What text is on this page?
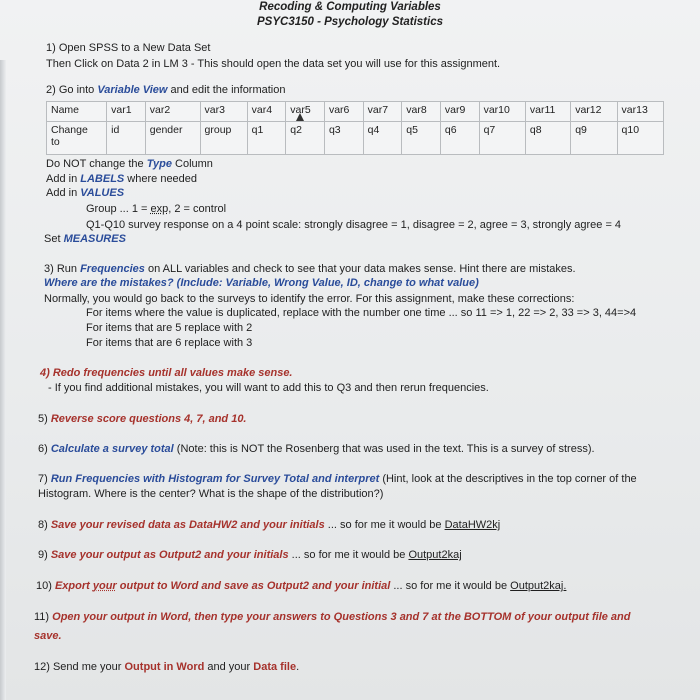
Recoding & Computing Variables
PSYC3150 - Psychology Statistics
1) Open SPSS to a New Data Set
Then Click on Data 2 in LM 3 - This should open the data set you will use for this assignment.
2) Go into Variable View and edit the information
Name	var1	var2	var3	var4	var5	var6	var7	var8	var9	var10	var11	var12	var13
Change
to	id	gender	group	q1	q2	q3	q4	q5	q6	q7	q8	q9	q10
Do NOT change the Type Column
Add in LABELS where needed
Add in VALUES
Group ... 1 = exp, 2 = control
Q1-Q10 survey response on a 4 point scale: strongly disagree = 1, disagree = 2, agree = 3, strongly agree = 4
Set MEASURES
3) Run Frequencies on ALL variables and check to see that your data makes sense. Hint there are mistakes.
Where are the mistakes? (Include: Variable, Wrong Value, ID, change to what value)
Normally, you would go back to the surveys to identify the error. For this assignment, make these corrections:
For items where the value is duplicated, replace with the number one time ... so 11 => 1, 22 => 2, 33 => 3, 44=>4
For items that are 5 replace with 2
For items that are 6 replace with 3
4) Redo frequencies until all values make sense.
- If you find additional mistakes, you will want to add this to Q3 and then rerun frequencies.
5) Reverse score questions 4, 7, and 10.
6) Calculate a survey total (Note: this is NOT the Rosenberg that was used in the text. This is a survey of stress).
7) Run Frequencies with Histogram for Survey Total and interpret (Hint, look at the descriptives in the top corner of the
Histogram. Where is the center? What is the shape of the distribution?)
8) Save your revised data as DataHW2 and your initials ... so for me it would be DataHW2kj
9) Save your output as Output2 and your initials ... so for me it would be Output2kaj
10) Export your output to Word and save as Output2 and your initial ... so for me it would be Output2kaj.
11) Open your output in Word, then type your answers to Questions 3 and 7 at the BOTTOM of your output file and
save.
12) Send me your Output in Word and your Data file.
